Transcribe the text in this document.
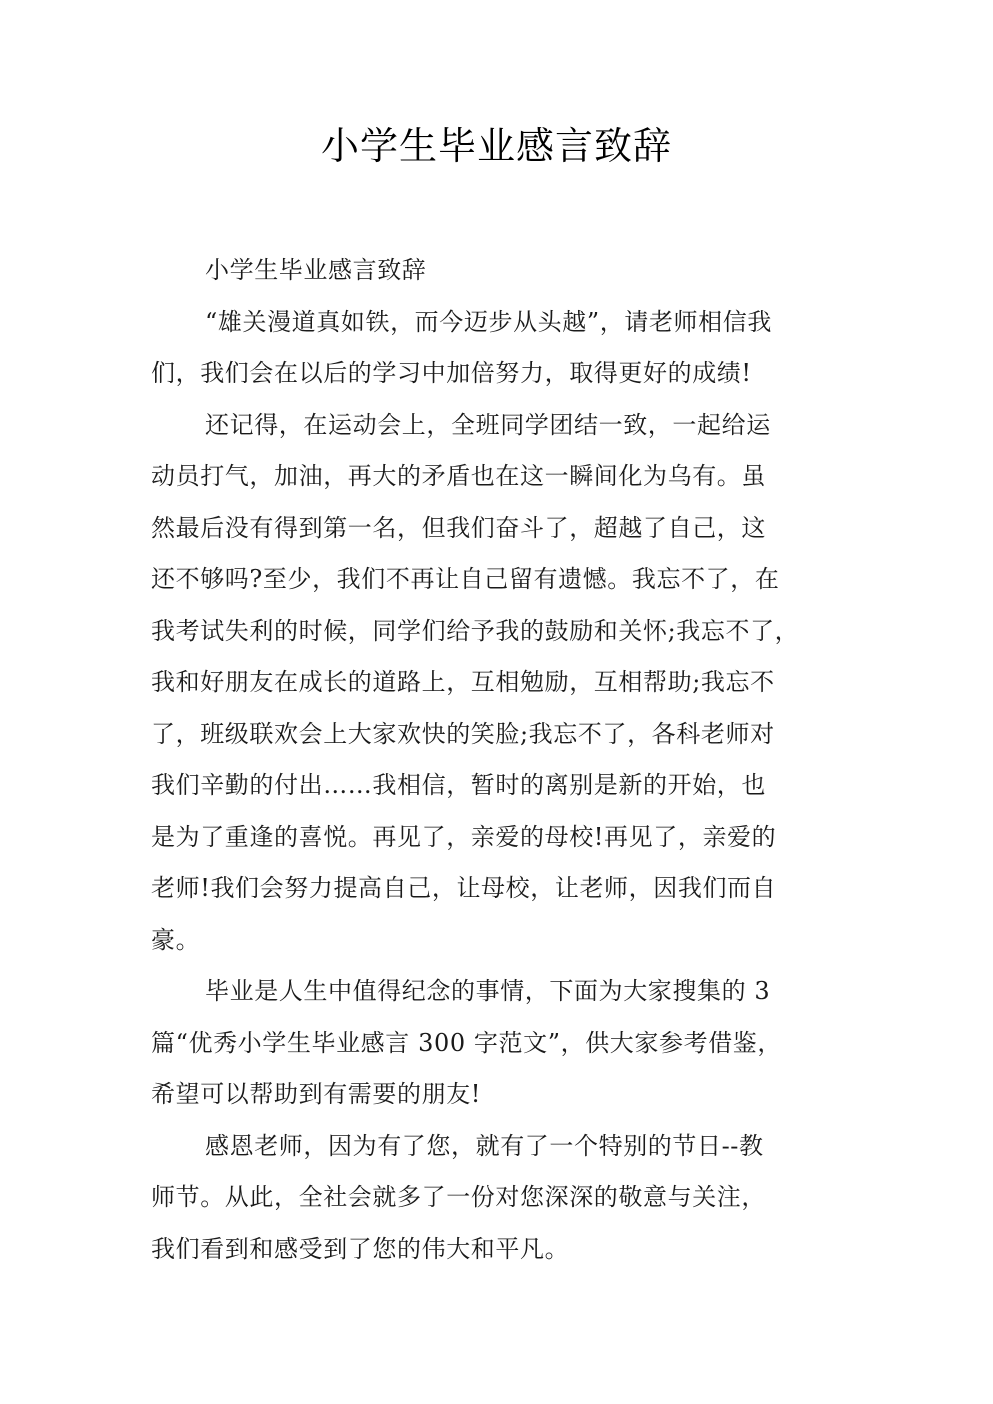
小学生毕业感言致辞
小学生毕业感言致辞
“雄关漫道真如铁，而今迈步从头越”，请老师相信我
们，我们会在以后的学习中加倍努力，取得更好的成绩!
还记得，在运动会上，全班同学团结一致，一起给运
动员打气，加油，再大的矛盾也在这一瞬间化为乌有。虽
然最后没有得到第一名，但我们奋斗了，超越了自己，这
还不够吗?至少，我们不再让自己留有遗憾。我忘不了，在
我考试失利的时候，同学们给予我的鼓励和关怀;我忘不了，
我和好朋友在成长的道路上，互相勉励，互相帮助;我忘不
了，班级联欢会上大家欢快的笑脸;我忘不了，各科老师对
我们辛勤的付出……我相信，暂时的离别是新的开始，也
是为了重逢的喜悦。再见了，亲爱的母校!再见了，亲爱的
老师!我们会努力提高自己，让母校，让老师，因我们而自
豪。
毕业是人生中值得纪念的事情，下面为大家搜集的 3
篇“优秀小学生毕业感言 300 字范文”，供大家参考借鉴，
希望可以帮助到有需要的朋友!
感恩老师，因为有了您，就有了一个特别的节日--教
师节。从此，全社会就多了一份对您深深的敬意与关注，
我们看到和感受到了您的伟大和平凡。
